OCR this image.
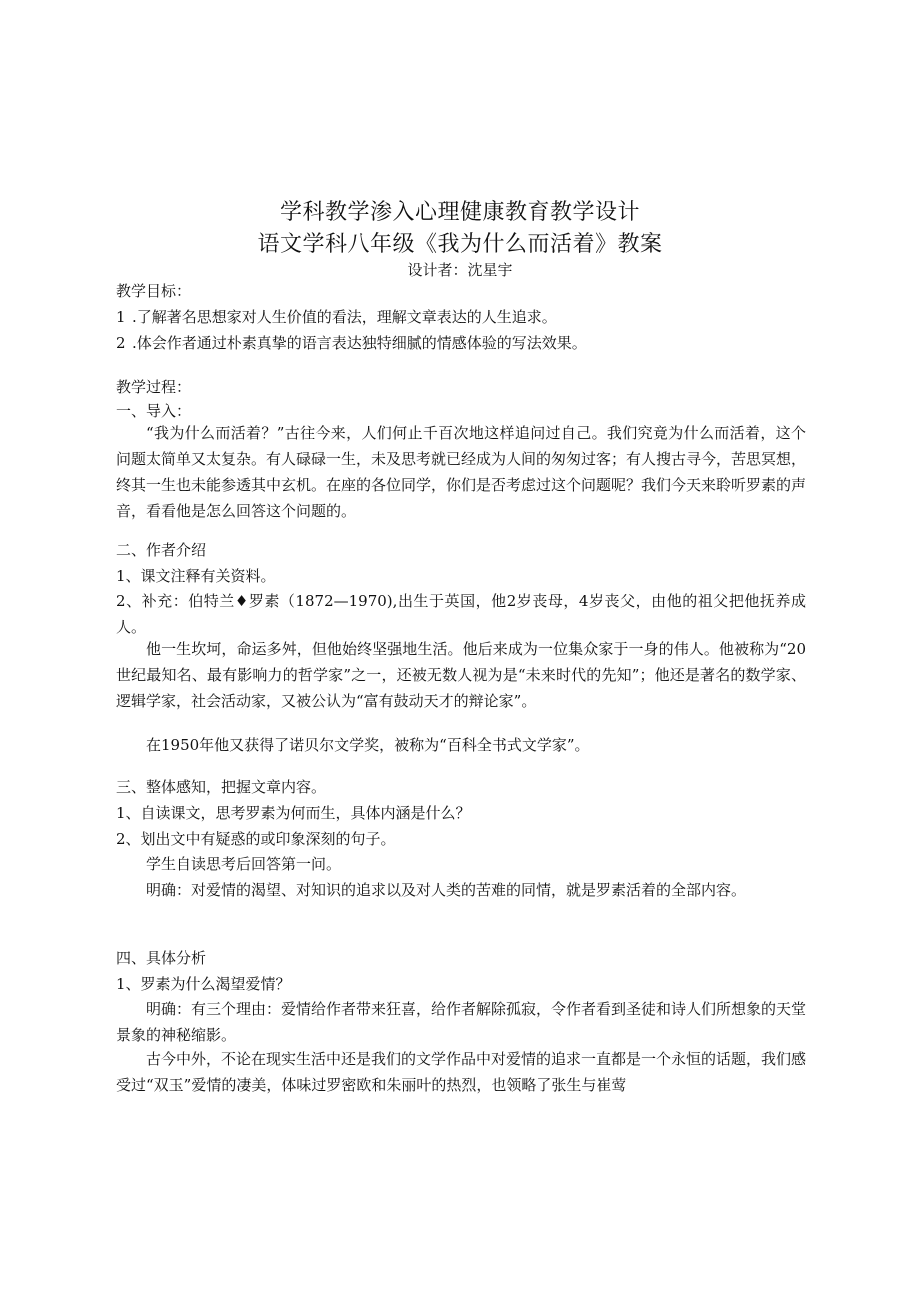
学科教学渗入心理健康教育教学设计
语文学科八年级《我为什么而活着》教案
设计者：沈星宇
教学目标：
1 .了解著名思想家对人生价值的看法，理解文章表达的人生追求。
2 .体会作者通过朴素真挚的语言表达独特细腻的情感体验的写法效果。
教学过程：
一、导入：
“我为什么而活着？”古往今来，人们何止千百次地这样追问过自己。我们究竟为什么而活着，这个问题太简单又太复杂。有人碌碌一生，未及思考就已经成为人间的匆匆过客；有人搜古寻今，苦思冥想，终其一生也未能参透其中玄机。在座的各位同学，你们是否考虑过这个问题呢？我们今天来聆听罗素的声音，看看他是怎么回答这个问题的。
二、作者介绍
1、课文注释有关资料。
2、补充：伯特兰♦罗素（1872—1970),出生于英国，他2岁丧母，4岁丧父，由他的祖父把他抚养成人。
他一生坎坷，命运多舛，但他始终坚强地生活。他后来成为一位集众家于一身的伟人。他被称为“20世纪最知名、最有影响力的哲学家”之一，还被无数人视为是“未来时代的先知”；他还是著名的数学家、逻辑学家，社会活动家，又被公认为“富有鼓动天才的辩论家”。
在1950年他又获得了诺贝尔文学奖，被称为“百科全书式文学家”。
三、整体感知，把握文章内容。
1、自读课文，思考罗素为何而生，具体内涵是什么？
2、划出文中有疑惑的或印象深刻的句子。
学生自读思考后回答第一问。
明确：对爱情的渴望、对知识的追求以及对人类的苦难的同情，就是罗素活着的全部内容。
四、具体分析
1、罗素为什么渴望爱情？
明确：有三个理由：爱情给作者带来狂喜，给作者解除孤寂，令作者看到圣徒和诗人们所想象的天堂景象的神秘缩影。
古今中外，不论在现实生活中还是我们的文学作品中对爱情的追求一直都是一个永恒的话题，我们感受过“双玉”爱情的凄美，体味过罗密欧和朱丽叶的热烈，也领略了张生与崔莺
